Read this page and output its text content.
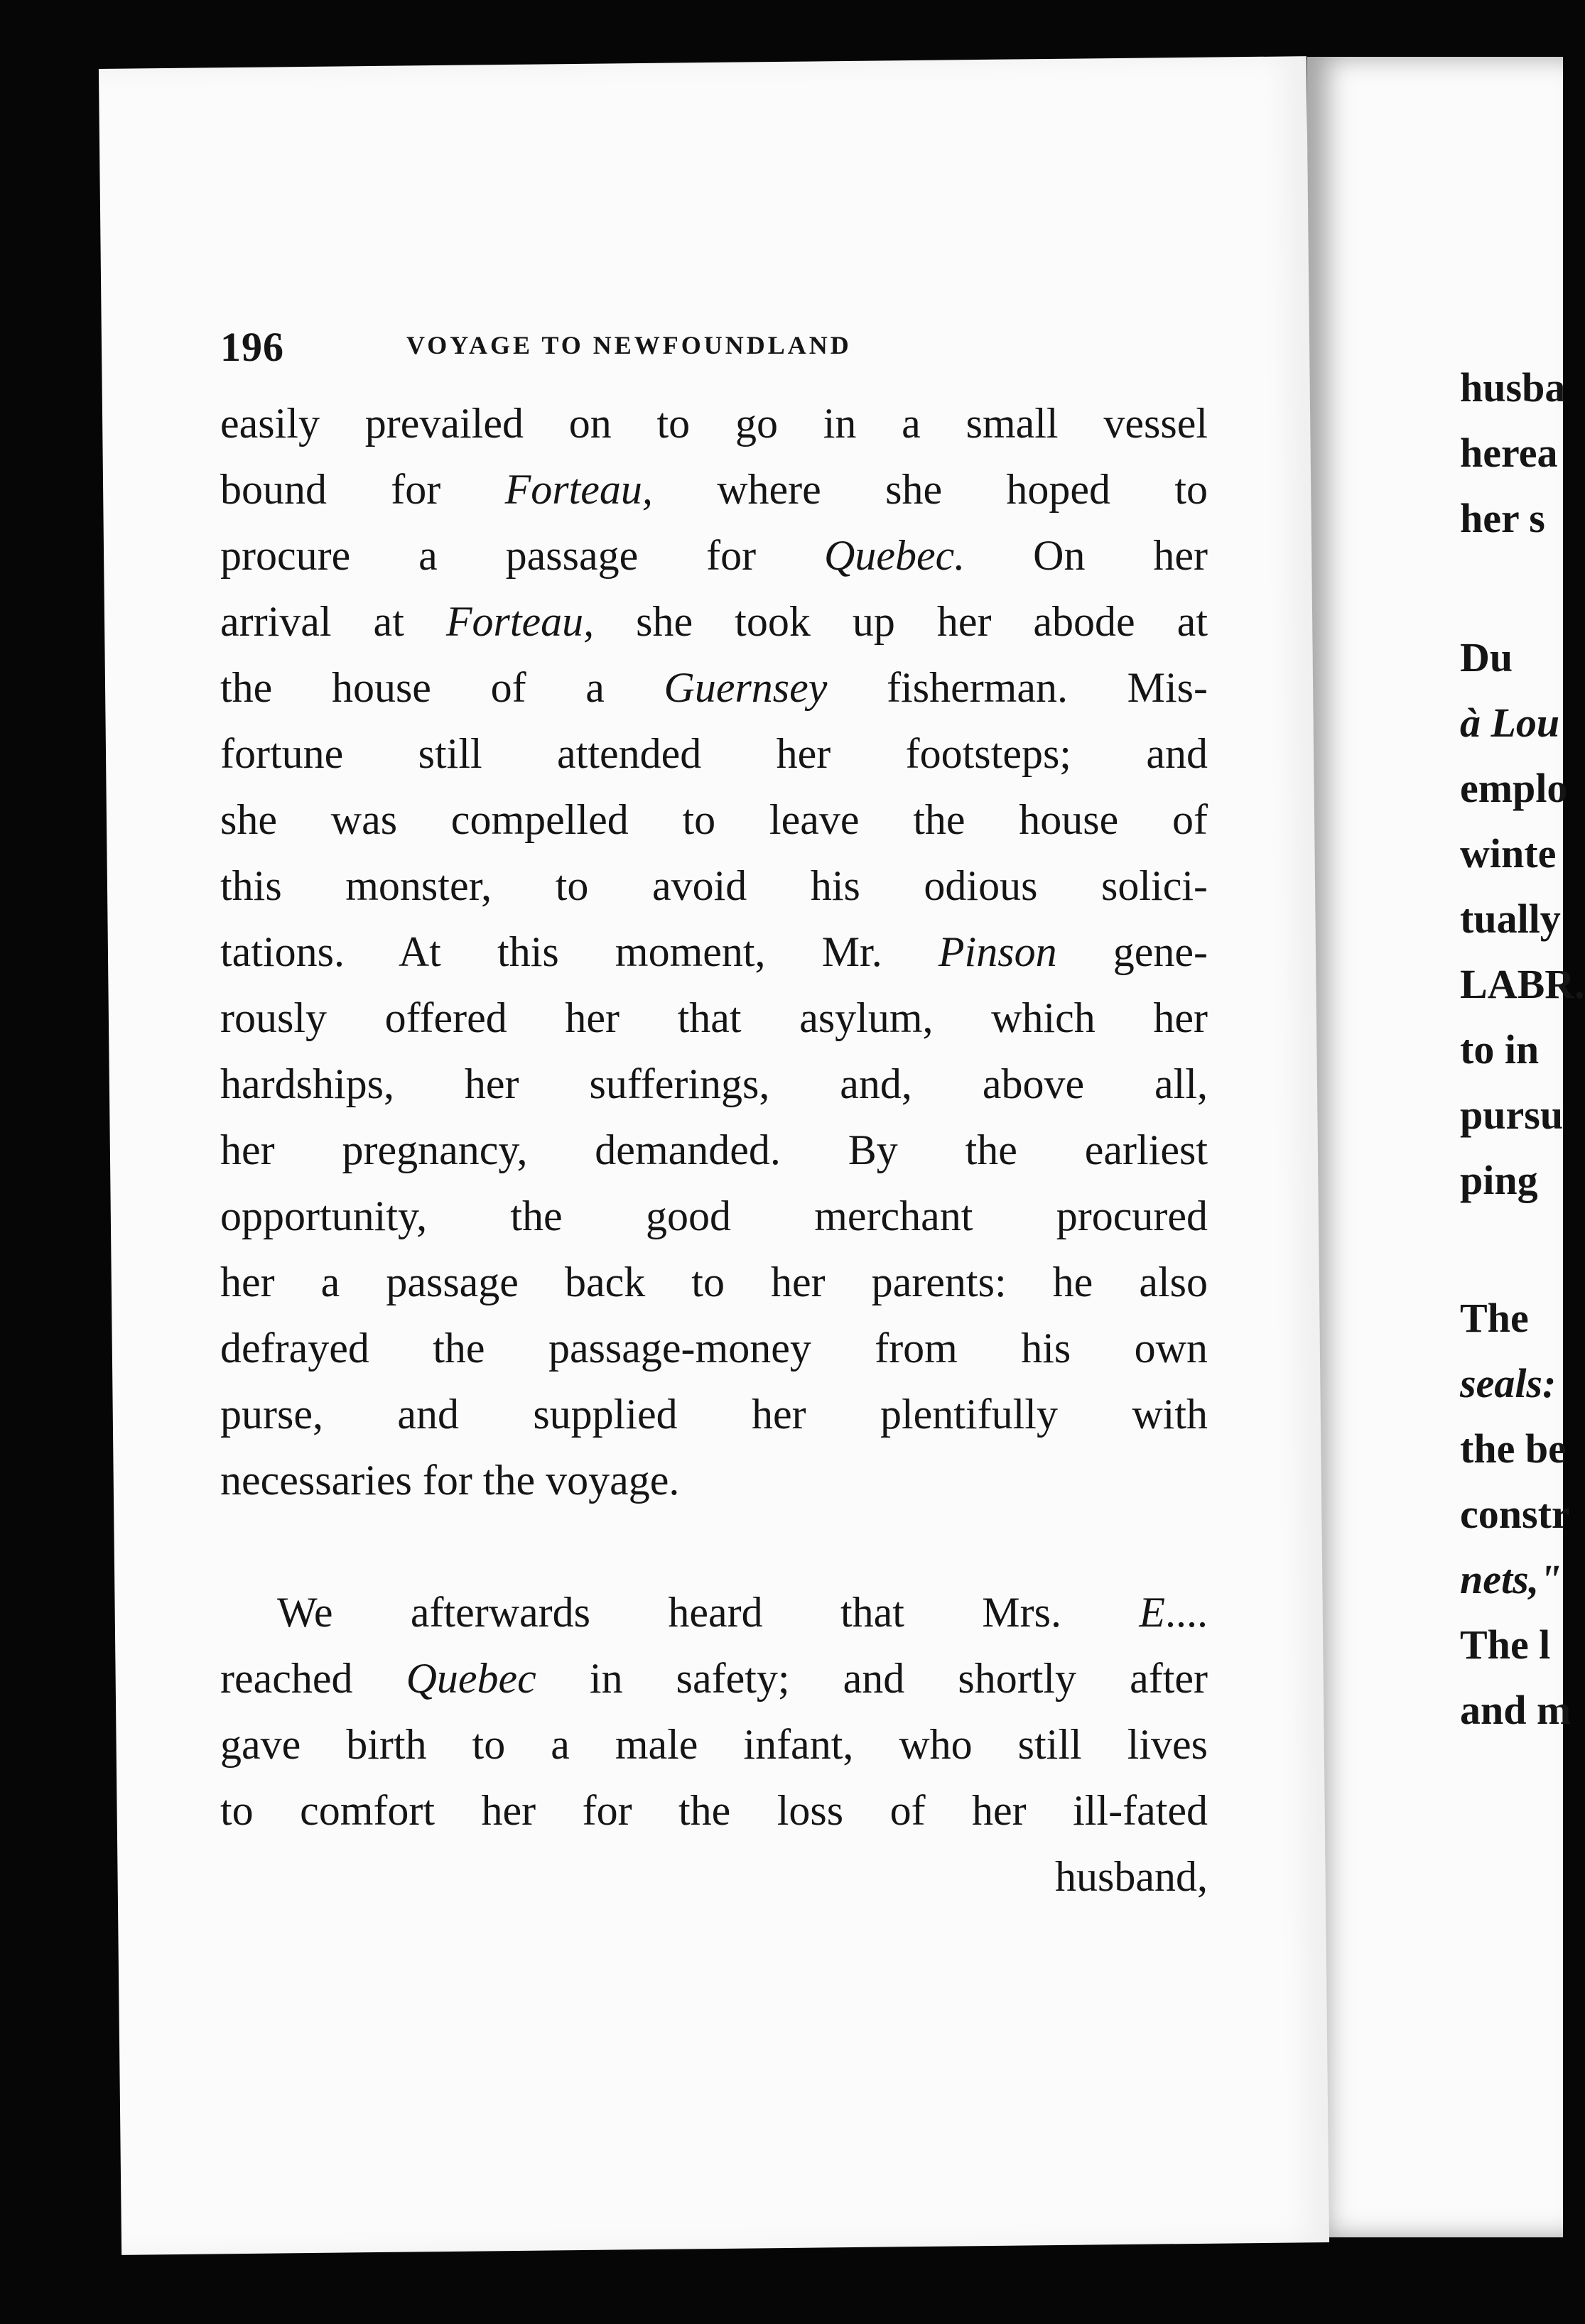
husba
herea
her s
Du
à Lou
emplo
winte
tually
LABR.
to in
pursu
ping
The
seals:
the be
constr
nets,"
The l
and m
196	VOYAGE TO NEWFOUNDLAND
easily prevailed on to go in a small vessel
bound for Forteau, where she hoped to
procure a passage for Quebec. On her
arrival at Forteau, she took up her abode at
the house of a Guernsey fisherman. Mis-
fortune still attended her footsteps; and
she was compelled to leave the house of
this monster, to avoid his odious solici-
tations. At this moment, Mr. Pinson gene-
rously offered her that asylum, which her
hardships, her sufferings, and, above all,
her pregnancy, demanded. By the earliest
opportunity, the good merchant procured
her a passage back to her parents: he also
defrayed the passage-money from his own
purse, and supplied her plentifully with
necessaries for the voyage.
We afterwards heard that Mrs. E....
reached Quebec in safety; and shortly after
gave birth to a male infant, who still lives
to comfort her for the loss of her ill-fated
husband,
